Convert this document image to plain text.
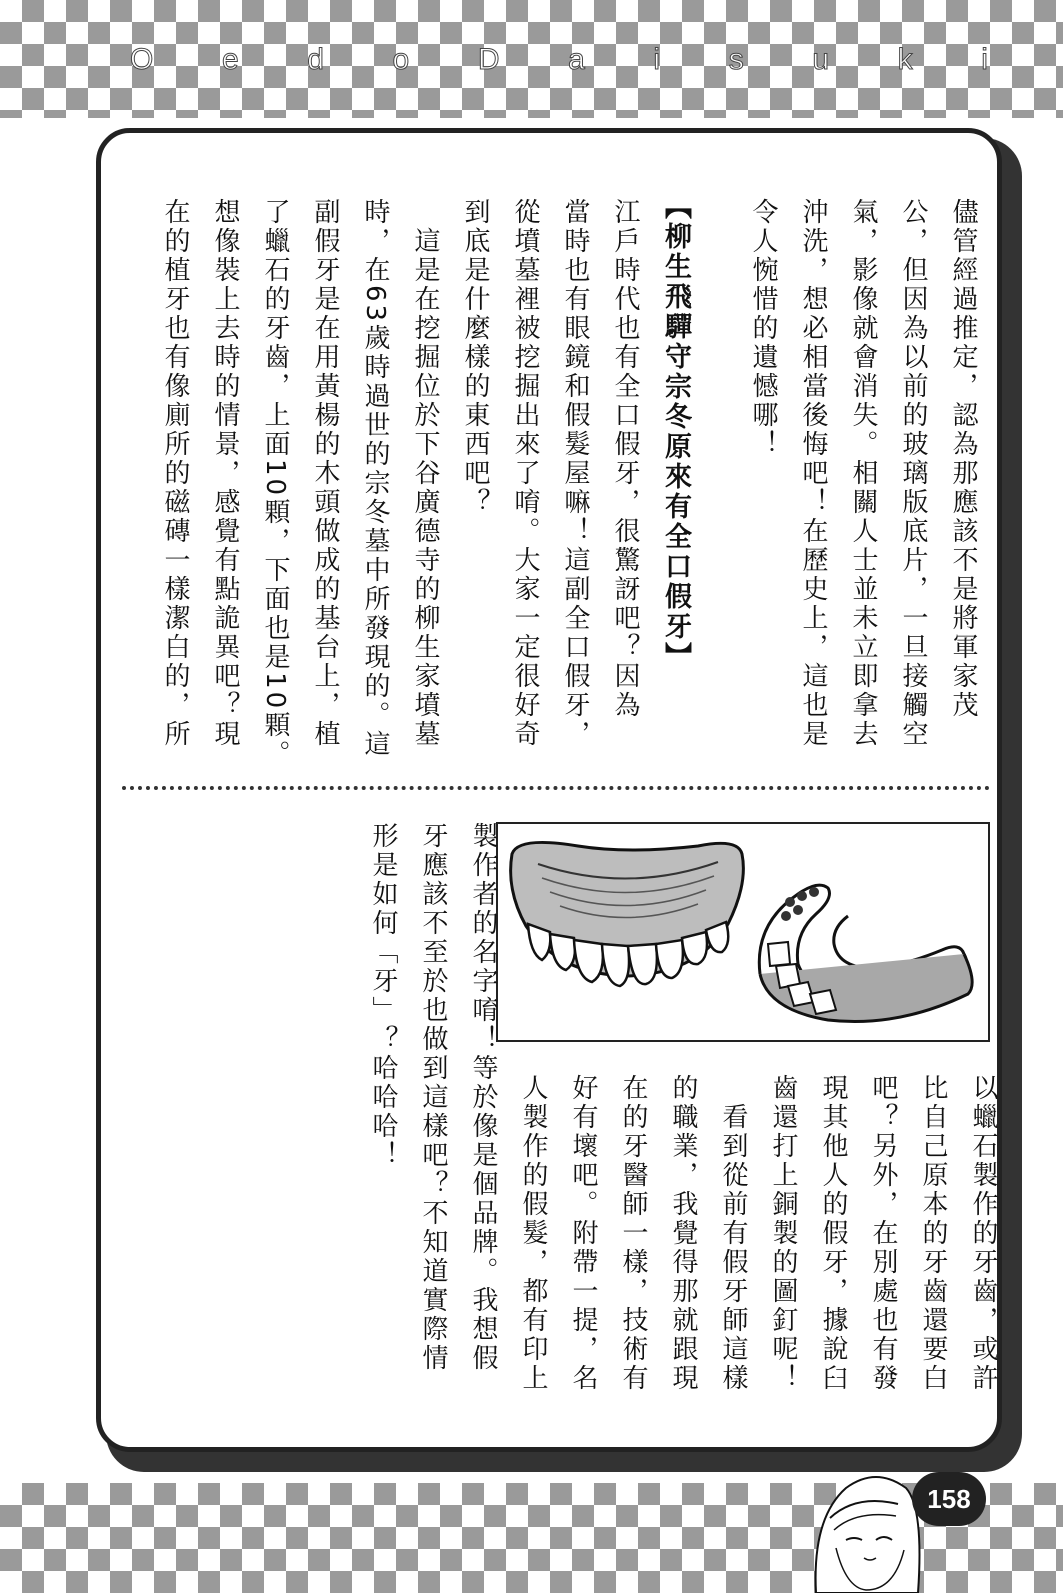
O e d o D a i s u k i
儘管經過推定，認為那應該不是將軍家茂
公，但因為以前的玻璃版底片，一旦接觸空
氣，影像就會消失。相關人士並未立即拿去
沖洗，想必相當後悔吧！在歷史上，這也是
令人惋惜的遺憾哪！
【柳生飛驒守宗冬原來有全口假牙】
江戶時代也有全口假牙，很驚訝吧？因為
當時也有眼鏡和假髮屋嘛！這副全口假牙，
從墳墓裡被挖掘出來了唷。大家一定很好奇
到底是什麼樣的東西吧？
　這是在挖掘位於下谷廣德寺的柳生家墳墓
時，在63歲時過世的宗冬墓中所發現的。這
副假牙是在用黃楊的木頭做成的基台上，植
了蠟石的牙齒，上面10顆，下面也是10顆。
想像裝上去時的情景，感覺有點詭異吧？現
在的植牙也有像廁所的磁磚一樣潔白的，所
以蠟石製作的牙齒，或許
比自己原本的牙齒還要白
吧？另外，在別處也有發
現其他人的假牙，據說臼
齒還打上銅製的圖釘呢！
　看到從前有假牙師這樣
的職業，我覺得那就跟現
在的牙醫師一樣，技術有
好有壞吧。附帶一提，名
人製作的假髮，都有印上
製作者的名字唷！等於像是個品牌。我想假
牙應該不至於也做到這樣吧？不知道實際情
形是如何「牙」？哈哈哈！
158
